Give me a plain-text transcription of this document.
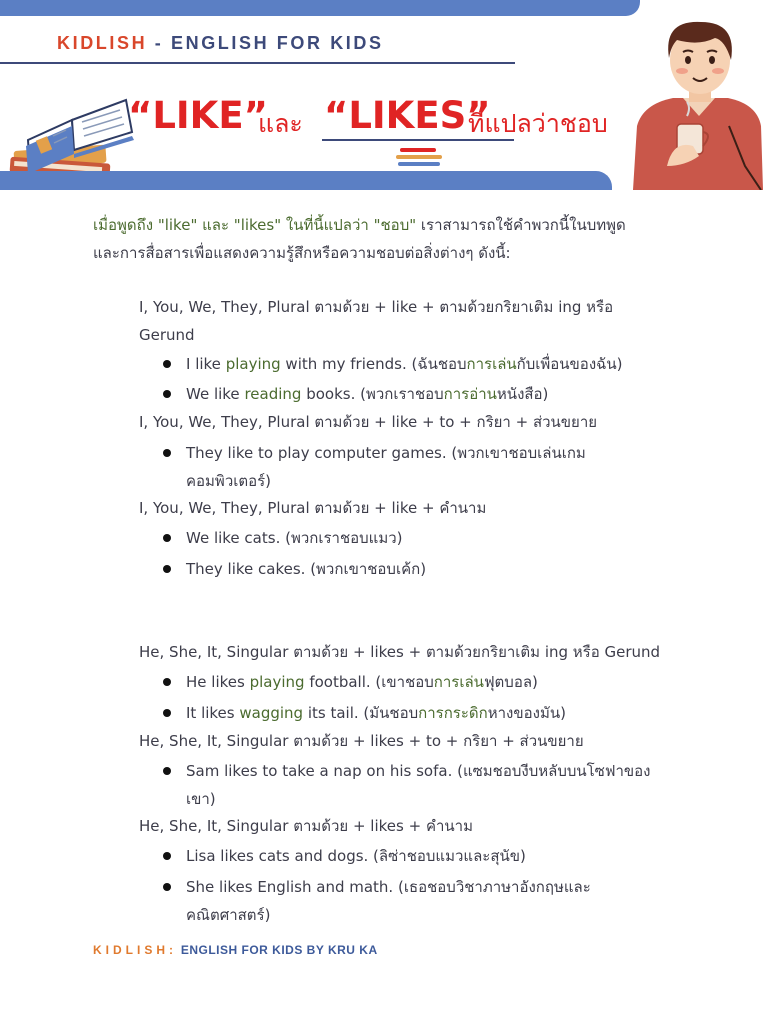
KIDLISH - ENGLISH FOR KIDS
“LIKE”
และ “LIKES”
ที่แปลว่าชอบ
เมื่อพูดถึง "like" และ "likes" ในที่นี้แปลว่า "ชอบ" เราสามารถใช้คำพวกนี้ในบทพูด
และการสื่อสารเพื่อแสดงความรู้สึกหรือความชอบต่อสิ่งต่างๆ ดังนี้:
I, You, We, They, Plural ตามด้วย + like + ตามด้วยกริยาเติม ing หรือ
Gerund
I like playing with my friends. (ฉันชอบการเล่นกับเพื่อนของฉัน)
We like reading books. (พวกเราชอบการอ่านหนังสือ)
I, You, We, They, Plural ตามด้วย + like + to + กริยา + ส่วนขยาย
They like to play computer games. (พวกเขาชอบเล่นเกม
คอมพิวเตอร์)
I, You, We, They, Plural ตามด้วย + like + คำนาม
We like cats. (พวกเราชอบแมว)
They like cakes. (พวกเขาชอบเค้ก)
He, She, It, Singular ตามด้วย + likes + ตามด้วยกริยาเติม ing หรือ Gerund
He likes playing football. (เขาชอบการเล่นฟุตบอล)
It likes wagging its tail. (มันชอบการกระดิกหางของมัน)
He, She, It, Singular ตามด้วย + likes + to + กริยา + ส่วนขยาย
Sam likes to take a nap on his sofa. (แซมชอบงีบหลับบนโซฟาของ
เขา)
He, She, It, Singular ตามด้วย + likes + คำนาม
Lisa likes cats and dogs. (ลิซ่าชอบแมวและสุนัข)
She likes English and math. (เธอชอบวิชาภาษาอังกฤษและ
คณิตศาสตร์)
KIDLISH: ENGLISH FOR KIDS BY KRU KA
